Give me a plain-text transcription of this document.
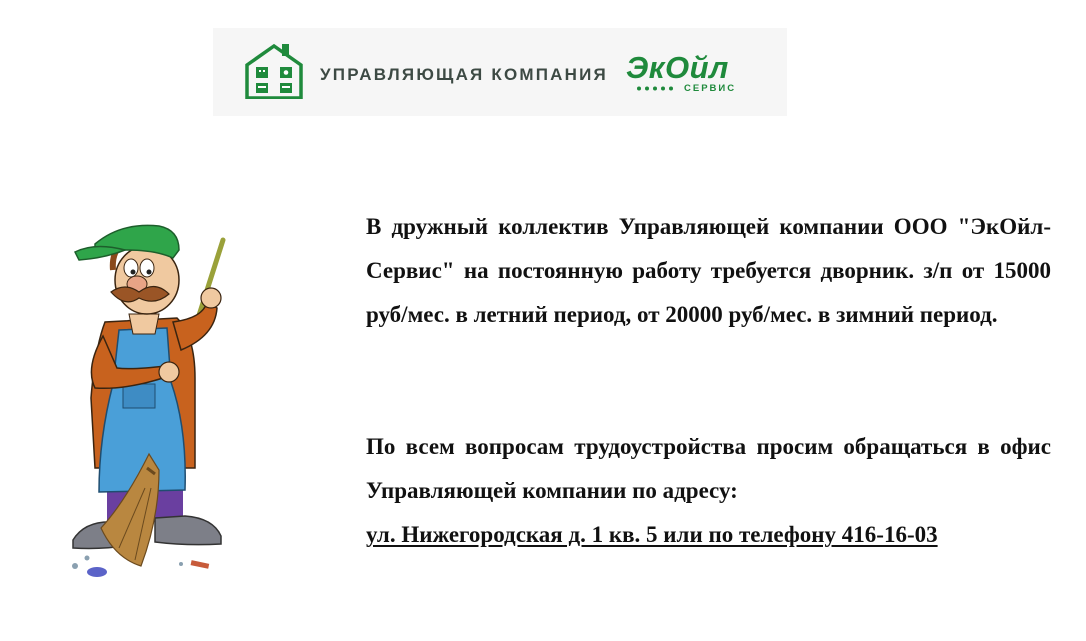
УПРАВЛЯЮЩАЯ КОМПАНИЯ ЭкОйл
СЕРВИС

В дружный коллектив Управляющей компании ООО "ЭкОйл-Сервис" на постоянную работу требуется дворник. з/п от 15000 руб/мес. в летний период, от 20000 руб/мес. в зимний период.

По всем вопросам трудоустройства просим обращаться в офис Управляющей компании по адресу:

ул. Нижегородская д. 1 кв. 5 или по телефону 416-16-03
